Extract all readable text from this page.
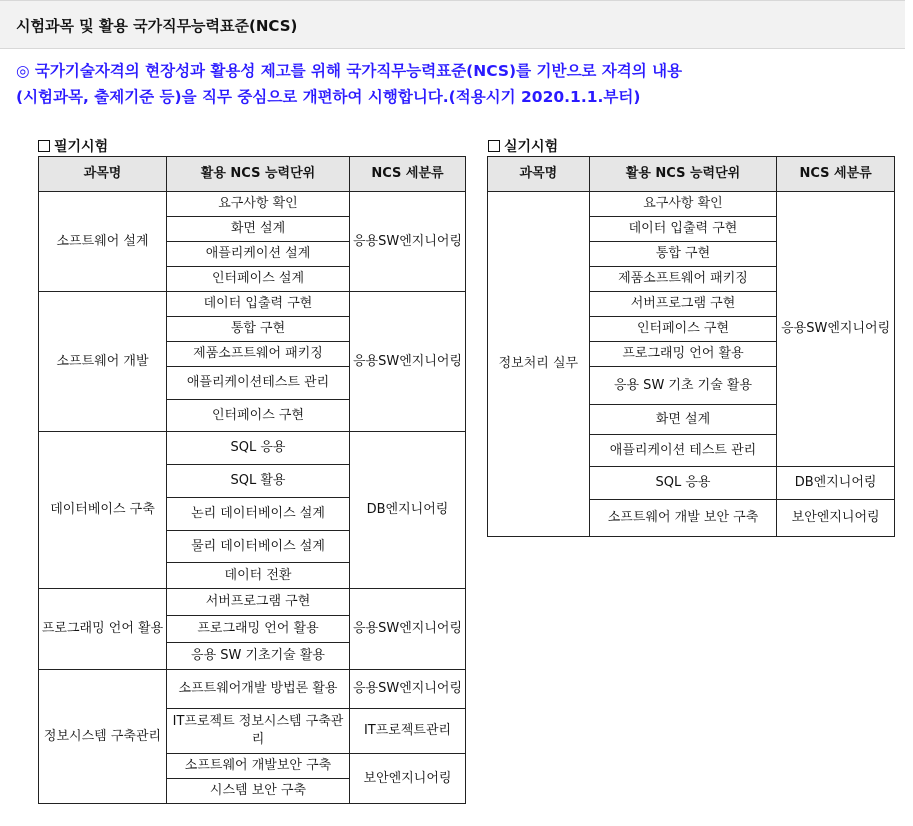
시험과목 및 활용 국가직무능력표준(NCS)
◎ 국가기술자격의 현장성과 활용성 제고를 위해 국가직무능력표준(NCS)를 기반으로 자격의 내용
(시험과목, 출제기준 등)을 직무 중심으로 개편하여 시행합니다.(적용시기 2020.1.1.부터)
필기시험
과목명	활용 NCS 능력단위	NCS 세분류
소프트웨어 설계	요구사항 확인	응용SW엔지니어링
	화면 설계	
	애플리케이션 설계	
	인터페이스 설계	
소프트웨어 개발	데이터 입출력 구현	응용SW엔지니어링
	통합 구현	
	제품소프트웨어 패키징	
	애플리케이션테스트 관리	
	인터페이스 구현	
데이터베이스 구축	SQL 응용	DB엔지니어링
	SQL 활용	
	논리 데이터베이스 설계	
	물리 데이터베이스 설계	
	데이터 전환	
프로그래밍 언어 활용	서버프로그램 구현	응용SW엔지니어링
	프로그래밍 언어 활용	
	응용 SW 기초기술 활용	
정보시스템 구축관리	소프트웨어개발 방법론 활용	응용SW엔지니어링
	IT프로젝트 정보시스템 구축관리	IT프로젝트관리
	소프트웨어 개발보안 구축	보안엔지니어링
	시스템 보안 구축	
실기시험
과목명	활용 NCS 능력단위	NCS 세분류
정보처리 실무	요구사항 확인	응용SW엔지니어링
	데이터 입출력 구현	
	통합 구현	
	제품소프트웨어 패키징	
	서버프로그램 구현	
	인터페이스 구현	
	프로그래밍 언어 활용	
	응용 SW 기초 기술 활용	
	화면 설계	
	애플리케이션 테스트 관리	
	SQL 응용	DB엔지니어링
	소프트웨어 개발 보안 구축	보안엔지니어링
